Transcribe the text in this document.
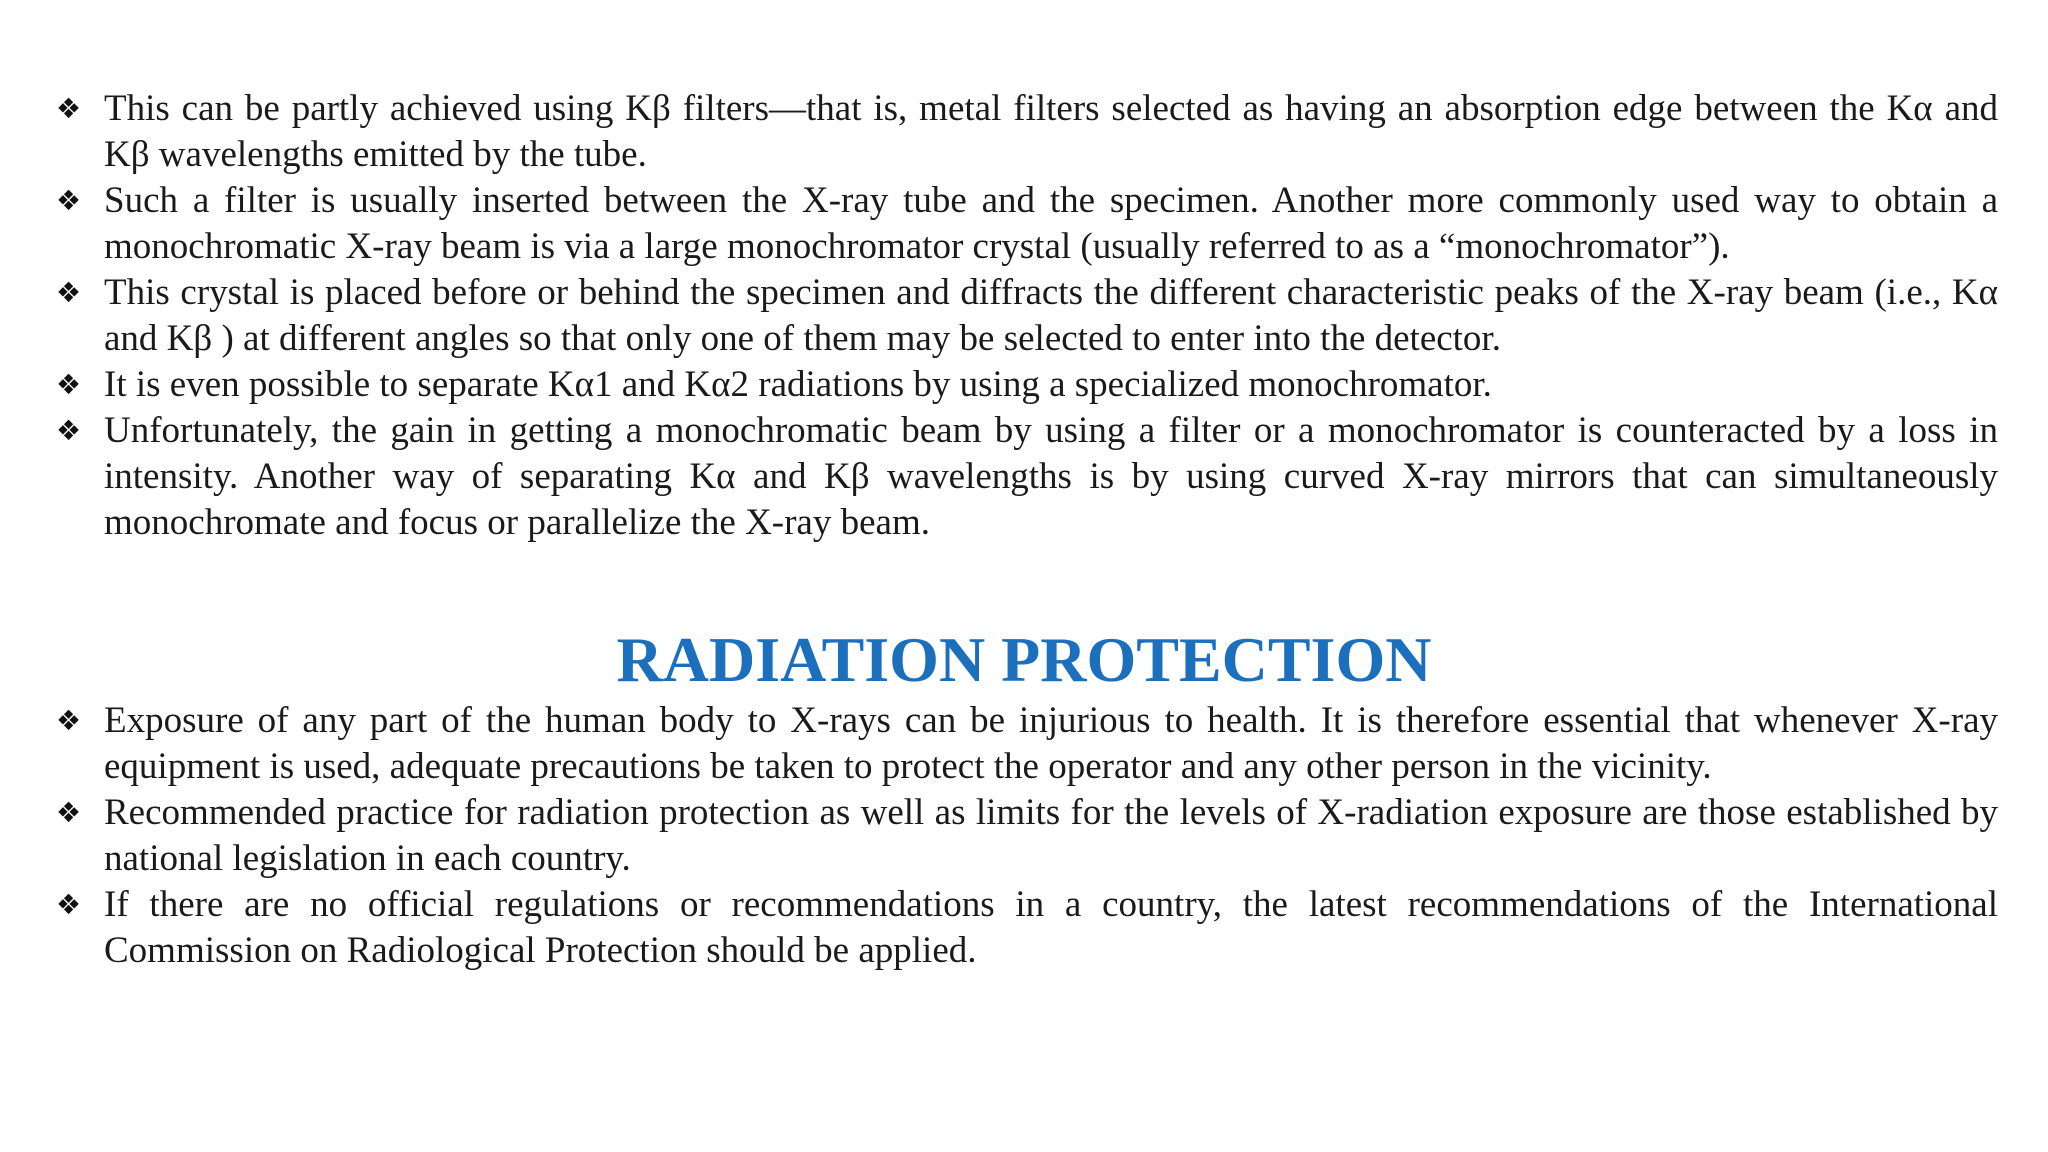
❖ This can be partly achieved using Kβ filters—that is, metal filters selected as having an absorption edge between the Kα and Kβ wavelengths emitted by the tube.
❖ Such a filter is usually inserted between the X-ray tube and the specimen. Another more commonly used way to obtain a monochromatic X-ray beam is via a large monochromator crystal (usually referred to as a “monochromator”).
❖ This crystal is placed before or behind the specimen and diffracts the different characteristic peaks of the X-ray beam (i.e., Kα and Kβ ) at different angles so that only one of them may be selected to enter into the detector.
❖ It is even possible to separate Kα1 and Kα2 radiations by using a specialized monochromator.
❖ Unfortunately, the gain in getting a monochromatic beam by using a filter or a monochromator is counteracted by a loss in intensity. Another way of separating Kα and Kβ wavelengths is by using curved X-ray mirrors that can simultaneously monochromate and focus or parallelize the X-ray beam.
RADIATION PROTECTION
❖ Exposure of any part of the human body to X-rays can be injurious to health. It is therefore essential that whenever X-ray equipment is used, adequate precautions be taken to protect the operator and any other person in the vicinity.
❖ Recommended practice for radiation protection as well as limits for the levels of X-radiation exposure are those established by national legislation in each country.
❖ If there are no official regulations or recommendations in a country, the latest recommendations of the International Commission on Radiological Protection should be applied.
